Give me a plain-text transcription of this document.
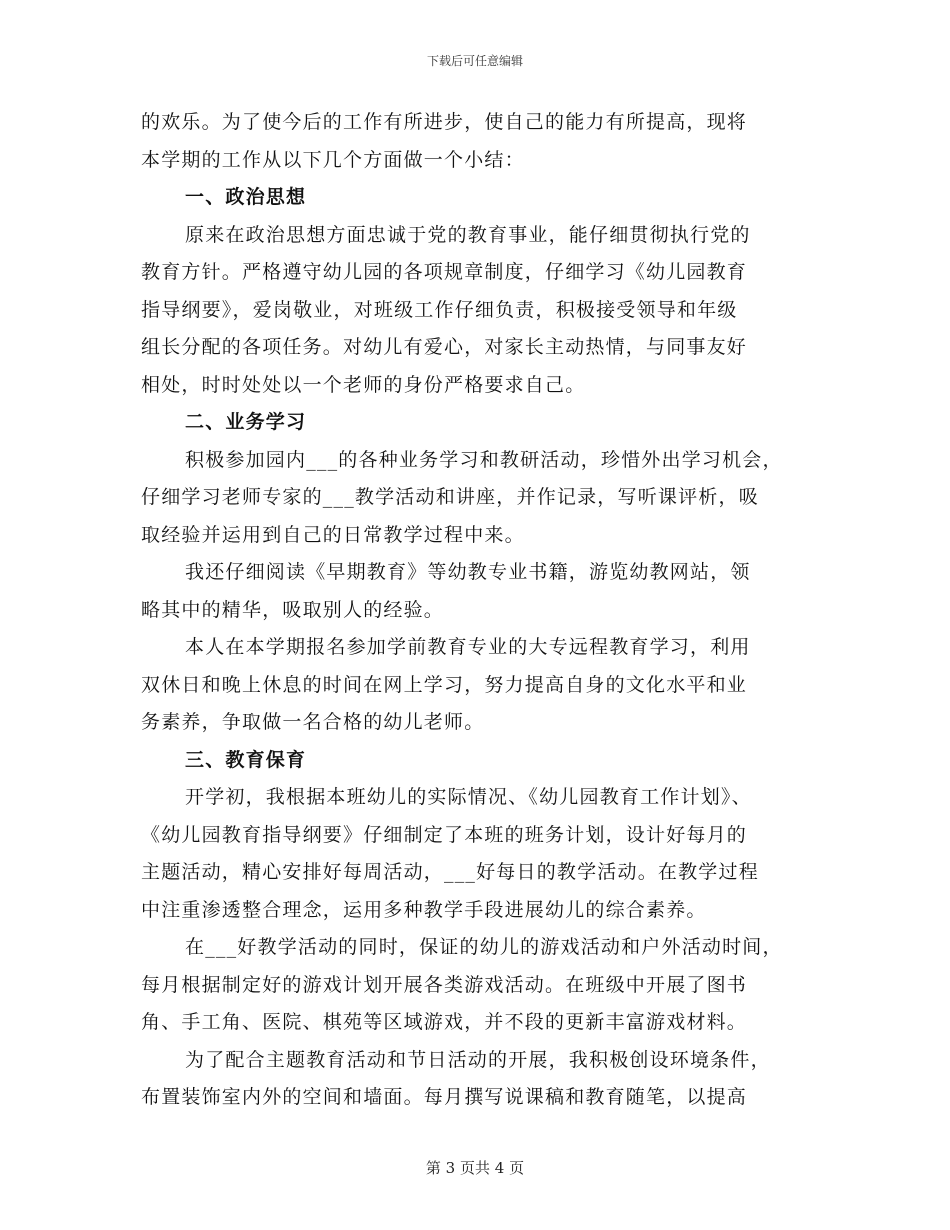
下载后可任意编辑

的欢乐。为了使今后的工作有所进步，使自己的能力有所提高，现将
本学期的工作从以下几个方面做一个小结：

一、政治思想

原来在政治思想方面忠诚于党的教育事业，能仔细贯彻执行党的
教育方针。严格遵守幼儿园的各项规章制度，仔细学习《幼儿园教育
指导纲要》，爱岗敬业，对班级工作仔细负责，积极接受领导和年级
组长分配的各项任务。对幼儿有爱心，对家长主动热情，与同事友好
相处，时时处处以一个老师的身份严格要求自己。

二、业务学习

积极参加园内___的各种业务学习和教研活动，珍惜外出学习机会，
仔细学习老师专家的___教学活动和讲座，并作记录，写听课评析，吸
取经验并运用到自己的日常教学过程中来。

我还仔细阅读《早期教育》等幼教专业书籍，游览幼教网站，领
略其中的精华，吸取别人的经验。

本人在本学期报名参加学前教育专业的大专远程教育学习，利用
双休日和晚上休息的时间在网上学习，努力提高自身的文化水平和业
务素养，争取做一名合格的幼儿老师。

三、教育保育

开学初，我根据本班幼儿的实际情况、《幼儿园教育工作计划》、
《幼儿园教育指导纲要》仔细制定了本班的班务计划，设计好每月的
主题活动，精心安排好每周活动，___好每日的教学活动。在教学过程
中注重渗透整合理念，运用多种教学手段进展幼儿的综合素养。

在___好教学活动的同时，保证的幼儿的游戏活动和户外活动时间，
每月根据制定好的游戏计划开展各类游戏活动。在班级中开展了图书
角、手工角、医院、棋苑等区域游戏，并不段的更新丰富游戏材料。

为了配合主题教育活动和节日活动的开展，我积极创设环境条件，
布置装饰室内外的空间和墙面。每月撰写说课稿和教育随笔，以提高

第 3 页共 4 页
